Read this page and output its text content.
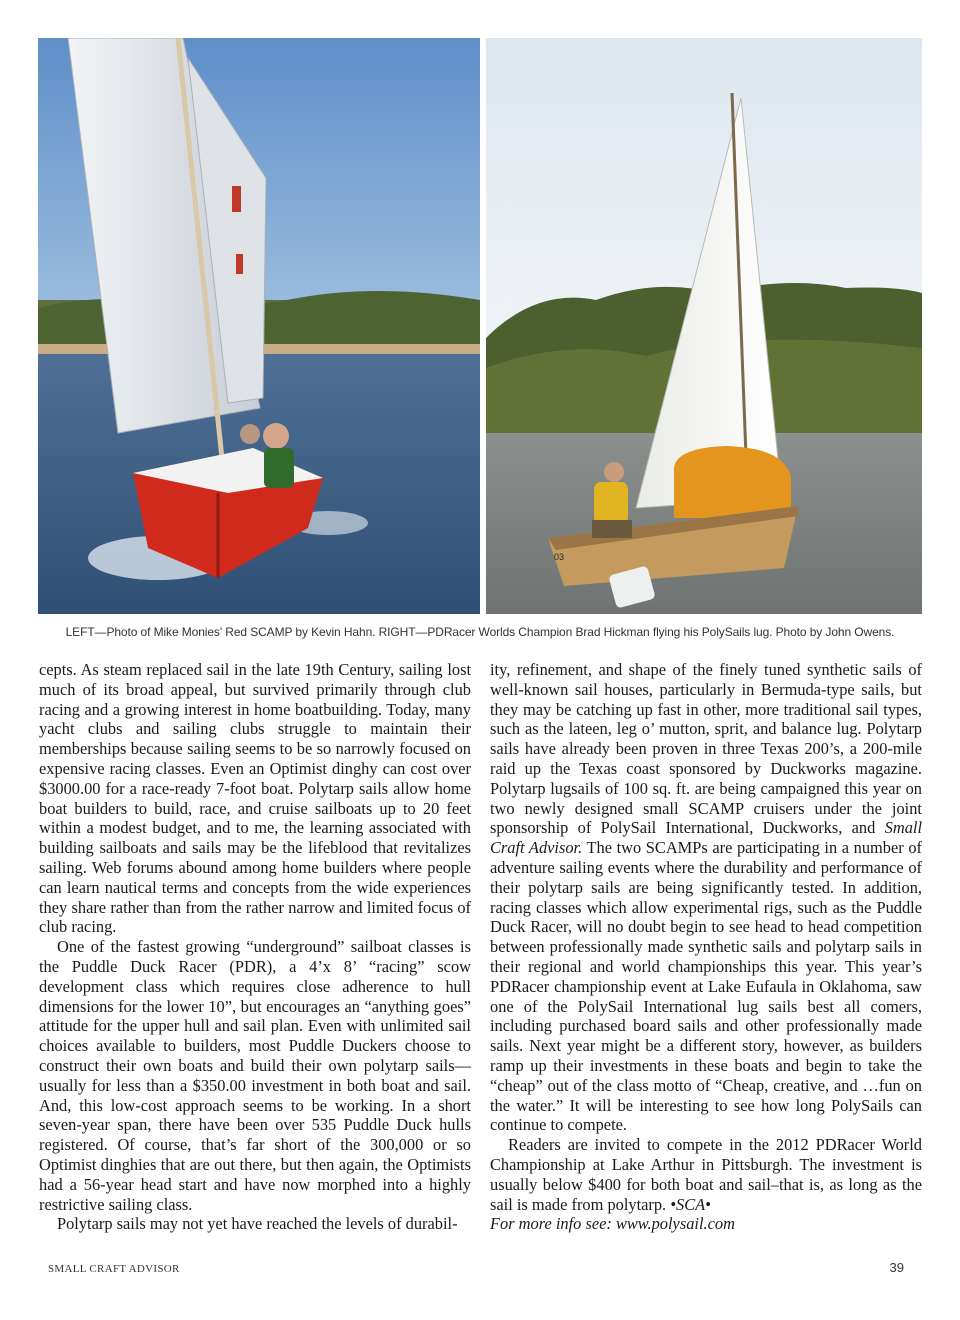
03
LEFT—Photo of Mike Monies' Red SCAMP by Kevin Hahn. RIGHT—PDRacer Worlds Champion Brad Hickman flying his PolySails lug. Photo by John Owens.

cepts. As steam replaced sail in the late 19th Century, sailing lost much of its broad appeal, but survived primarily through club racing and a growing interest in home boatbuilding. Today, many yacht clubs and sailing clubs struggle to maintain their memberships because sailing seems to be so narrowly focused on expensive racing classes. Even an Optimist dinghy can cost over $3000.00 for a race-ready 7-foot boat. Polytarp sails allow home boat builders to build, race, and cruise sailboats up to 20 feet within a modest budget, and to me, the learning associated with building sailboats and sails may be the lifeblood that revitalizes sailing. Web forums abound among home builders where people can learn nautical terms and concepts from the wide experiences they share rather than from the rather narrow and limited focus of club racing.

One of the fastest growing “underground” sailboat classes is the Puddle Duck Racer (PDR), a 4’x 8’ “racing” scow development class which requires close adherence to hull dimensions for the lower 10”, but encourages an “anything goes” attitude for the upper hull and sail plan. Even with unlimited sail choices available to builders, most Puddle Duckers choose to construct their own boats and build their own polytarp sails—usually for less than a $350.00 investment in both boat and sail. And, this low-cost approach seems to be working. In a short seven-year span, there have been over 535 Puddle Duck hulls registered. Of course, that’s far short of the 300,000 or so Optimist dinghies that are out there, but then again, the Optimists had a 56-year head start and have now morphed into a highly restrictive sailing class.

Polytarp sails may not yet have reached the levels of durabil-

ity, refinement, and shape of the finely tuned synthetic sails of well-known sail houses, particularly in Bermuda-type sails, but they may be catching up fast in other, more traditional sail types, such as the lateen, leg o’ mutton, sprit, and balance lug. Polytarp sails have already been proven in three Texas 200’s, a 200-mile raid up the Texas coast sponsored by Duckworks magazine. Polytarp lugsails of 100 sq. ft. are being campaigned this year on two newly designed small SCAMP cruisers under the joint sponsorship of PolySail International, Duckworks, and Small Craft Advisor. The two SCAMPs are participating in a number of adventure sailing events where the durability and performance of their polytarp sails are being significantly tested. In addition, racing classes which allow experimental rigs, such as the Puddle Duck Racer, will no doubt begin to see head to head competition between professionally made synthetic sails and polytarp sails in their regional and world championships this year. This year’s PDRacer championship event at Lake Eufaula in Oklahoma, saw one of the PolySail International lug sails best all comers, including purchased board sails and other professionally made sails. Next year might be a different story, however, as builders ramp up their investments in these boats and begin to take the “cheap” out of the class motto of “Cheap, creative, and …fun on the water.” It will be interesting to see how long PolySails can continue to compete.

Readers are invited to compete in the 2012 PDRacer World Championship at Lake Arthur in Pittsburgh. The investment is usually below $400 for both boat and sail–that is, as long as the sail is made from polytarp. •SCA•

For more info see: www.polysail.com

SMALL CRAFT ADVISOR	39
